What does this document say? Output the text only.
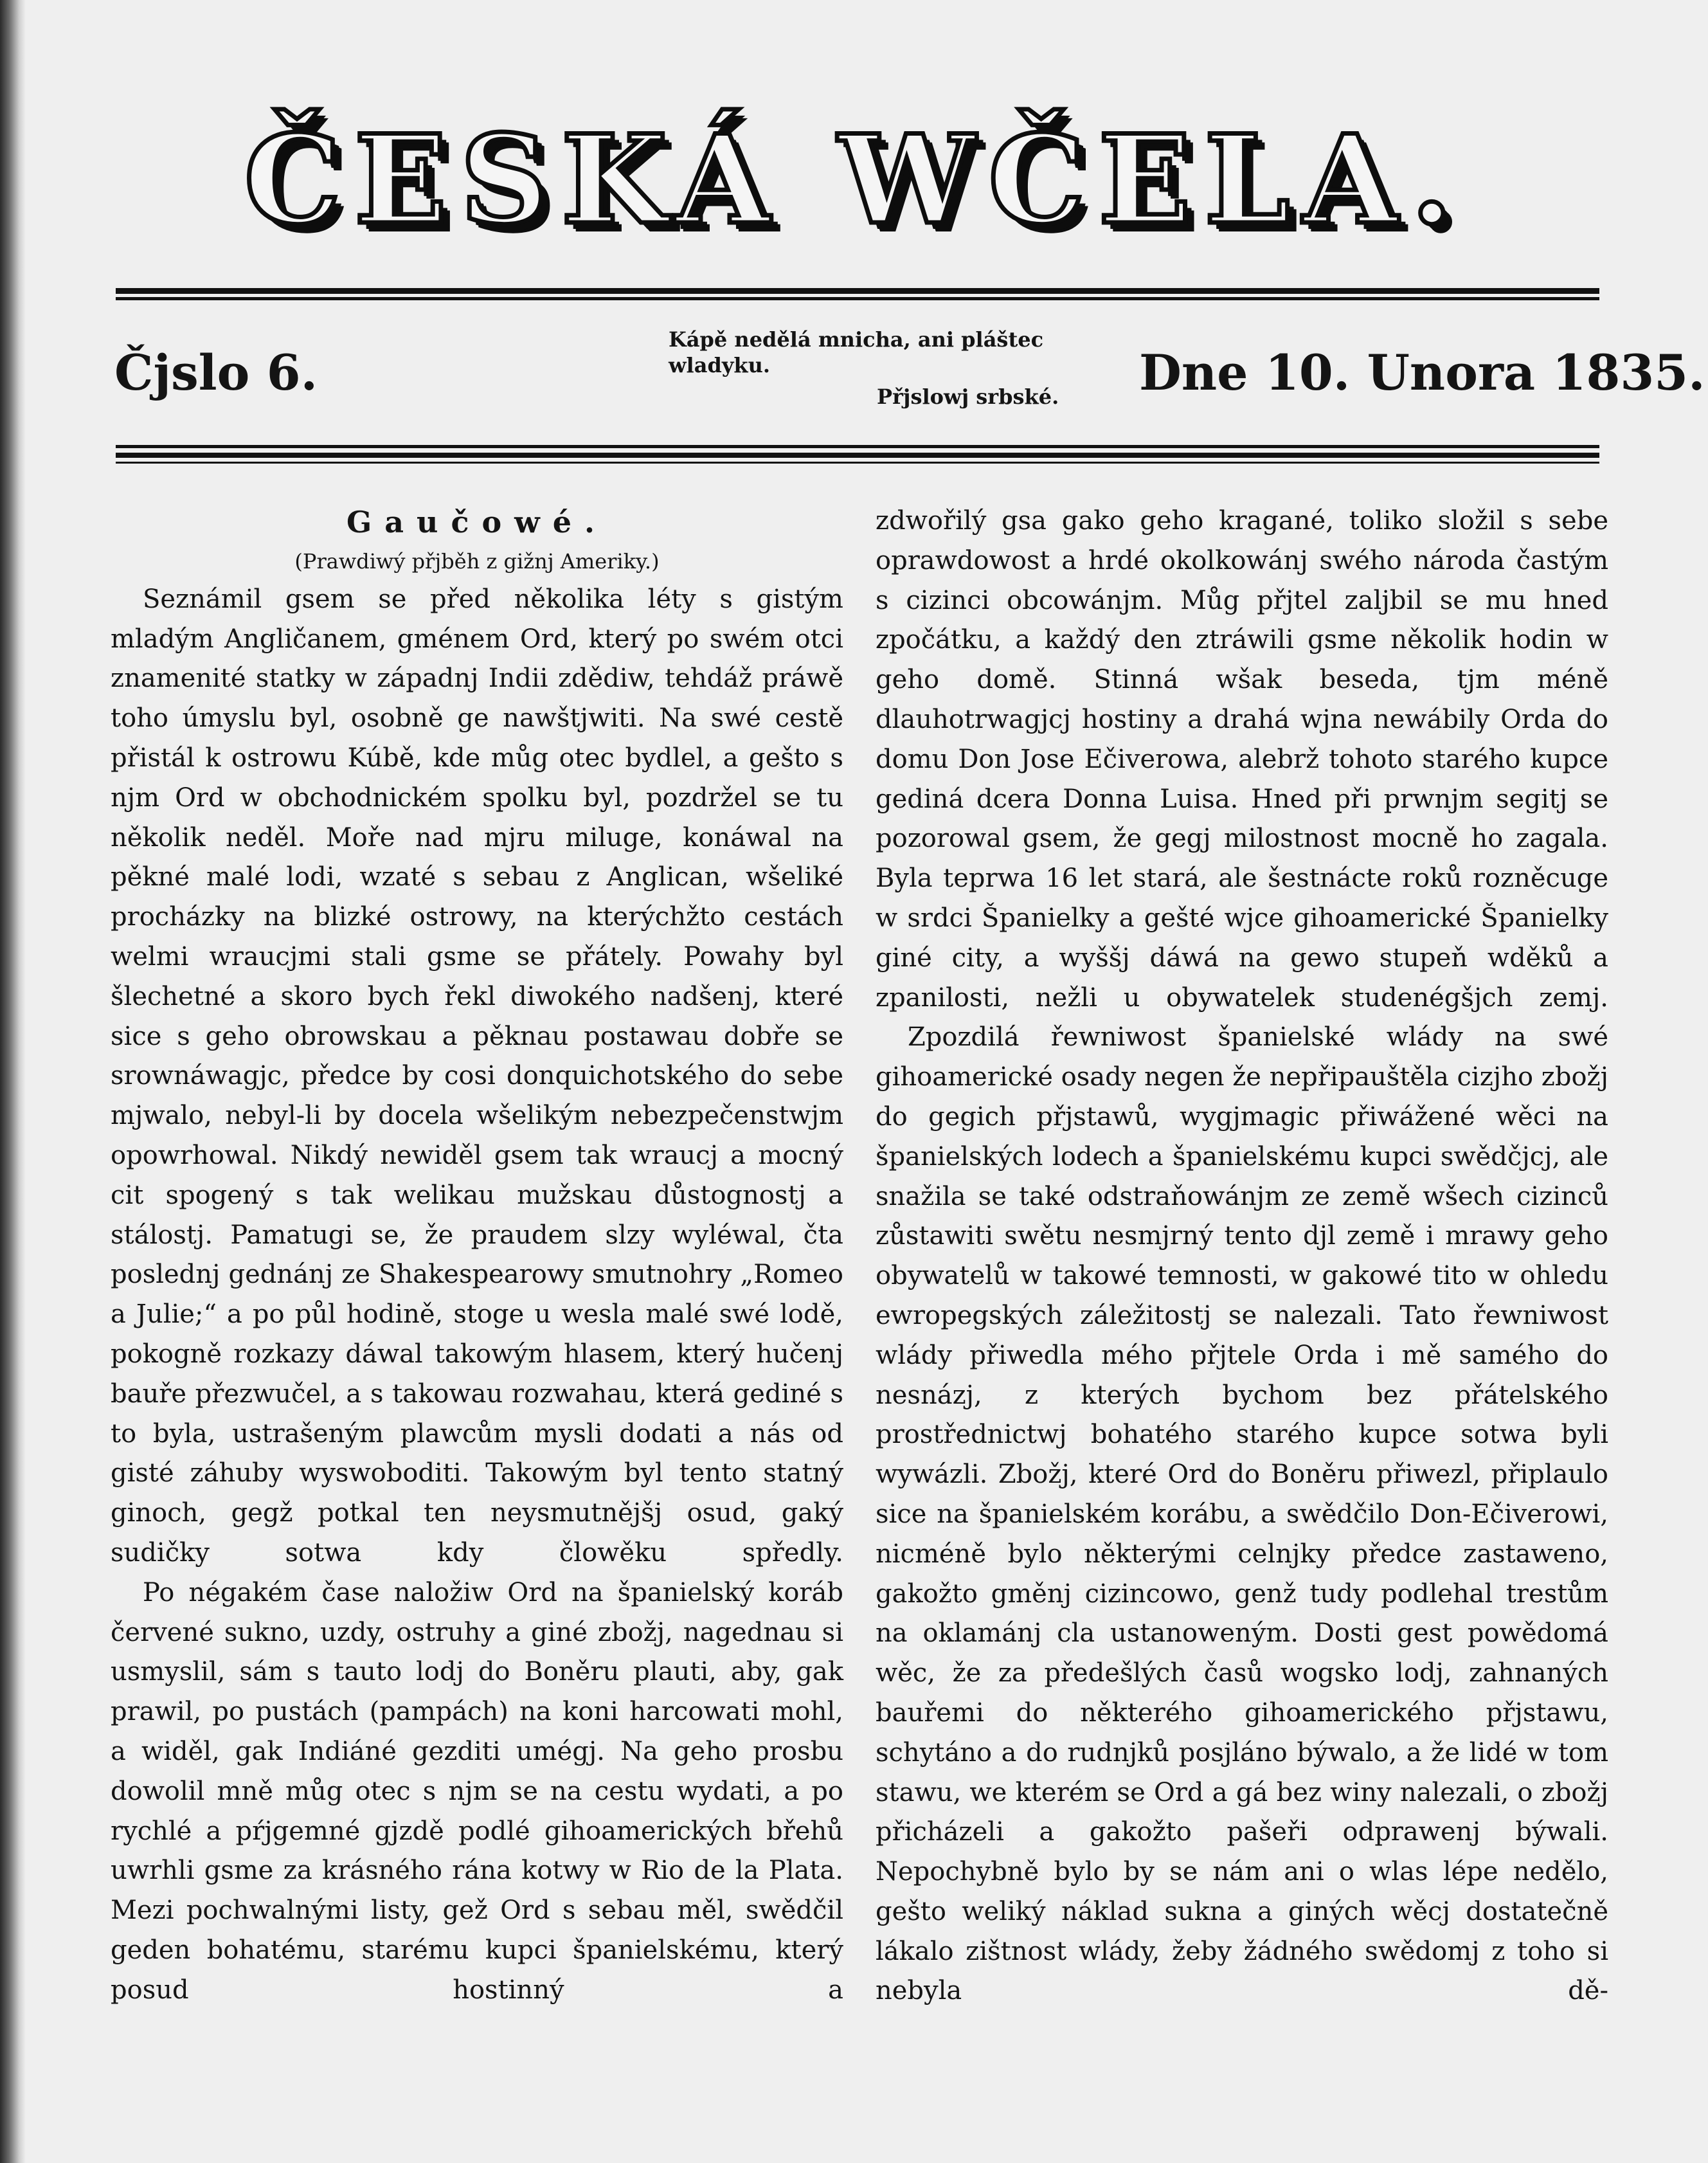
ČESKÁ WČELA.
Čjslo 6.
Kápě nedělá mnicha, ani pláštec wladyku.
Přjslowj srbské. Dne 10. Unora 1835.

Gaučowé.

(Prawdiwý přjběh z gižnj Ameriky.)

Seznámil gsem se před několika léty s gistým mladým Angličanem, gménem Ord, který po swém otci znamenité statky w západnj Indii zdědiw, tehdáž práwě toho úmyslu byl, osobně ge nawštjwiti. Na swé cestě přistál k ostrowu Kúbě, kde můg otec bydlel, a gešto s njm Ord w obchodnickém spolku byl, pozdržel se tu několik neděl. Moře nad mjru miluge, konáwal na pěkné malé lodi, wzaté s sebau z Anglican, wšeliké procházky na blizké ostrowy, na kterýchžto cestách welmi wraucjmi stali gsme se přátely. Powahy byl šlechetné a skoro bych řekl diwokého nadšenj, které sice s geho obrowskau a pěknau postawau dobře se srownáwagjc, předce by cosi donquichotského do sebe mjwalo, nebyl-li by docela wšelikým nebezpečenstwjm opowrhowal. Nikdý newiděl gsem tak wraucj a mocný cit spogený s tak welikau mužskau důstognostj a stálostj. Pamatugi se, že praudem slzy wyléwal, čta poslednj gednánj ze Shakespearowy smutnohry „Romeo a Julie;“ a po půl hodině, stoge u wesla malé swé lodě, pokogně rozkazy dáwal takowým hlasem, který hučenj bauře přezwučel, a s takowau rozwahau, která gediné s to byla, ustrašeným plawcům mysli dodati a nás od gisté záhuby wyswoboditi. Takowým byl tento statný ginoch, gegž potkal ten neysmutnějšj osud, gaký sudičky sotwa kdy člowěku spředly.

Po négakém čase naložiw Ord na španielský koráb červené sukno, uzdy, ostruhy a giné zbožj, nagednau si usmyslil, sám s tauto lodj do Boněru plauti, aby, gak prawil, po pustách (pampách) na koni harcowati mohl, a widěl, gak Indiáné gezditi umégj. Na geho prosbu dowolil mně můg otec s njm se na cestu wydati, a po rychlé a pŕjgemné gjzdě podlé gihoamerických břehů uwrhli gsme za krásného rána kotwy w Rio de la Plata. Mezi pochwalnými listy, gež Ord s sebau měl, swědčil geden bohatému, starému kupci španielskému, který posud hostinný a

zdwořilý gsa gako geho kragané, toliko složil s sebe oprawdowost a hrdé okolkowánj swého národa častým s cizinci obcowánjm. Můg přjtel zaljbil se mu hned zpočátku, a každý den ztráwili gsme několik hodin w geho domě. Stinná wšak beseda, tjm méně dlauhotrwagjcj hostiny a drahá wjna newábily Orda do domu Don Jose Ečiverowa, alebrž tohoto starého kupce gediná dcera Donna Luisa. Hned při prwnjm segitj se pozorowal gsem, že gegj milostnost mocně ho zagala. Byla teprwa 16 let stará, ale šestnácte roků rozněcuge w srdci Španielky a gešté wjce gihoamerické Španielky giné city, a wyššj dáwá na gewo stupeň wděků a zpanilosti, nežli u obywatelek studenégšjch zemj.

Zpozdilá řewniwost španielské wlády na swé gihoamerické osady negen že nepřipauštěla cizjho zbožj do gegich přjstawů, wygjmagic přiwážené wěci na španielských lodech a španielskému kupci swědčjcj, ale snažila se také odstraňowánjm ze země wšech cizinců zůstawiti swětu nesmjrný tento djl země i mrawy geho obywatelů w takowé temnosti, w gakowé tito w ohledu ewropegských záležitostj se nalezali. Tato řewniwost wlády přiwedla mého přjtele Orda i mě samého do nesnázj, z kterých bychom bez přátelského prostřednictwj bohatého starého kupce sotwa byli wywázli. Zbožj, které Ord do Boněru přiwezl, připlaulo sice na španielském korábu, a swědčilo Don-Ečiverowi, nicméně bylo některými celnjky předce zastaweno, gakožto gměnj cizincowo, genž tudy podlehal trestům na oklamánj cla ustanoweným. Dosti gest powědomá wěc, že za předešlých časů wogsko lodj, zahnaných bauřemi do některého gihoamerického přjstawu, schytáno a do rudnjků posjláno býwalo, a že lidé w tom stawu, we kterém se Ord a gá bez winy nalezali, o zbožj přicházeli a gakožto pašeři odprawenj býwali. Nepochybně bylo by se nám ani o wlas lépe nedělo, gešto weliký náklad sukna a giných wěcj dostatečně lákalo zištnost wlády, žeby žádného swědomj z toho si nebyla dě-
